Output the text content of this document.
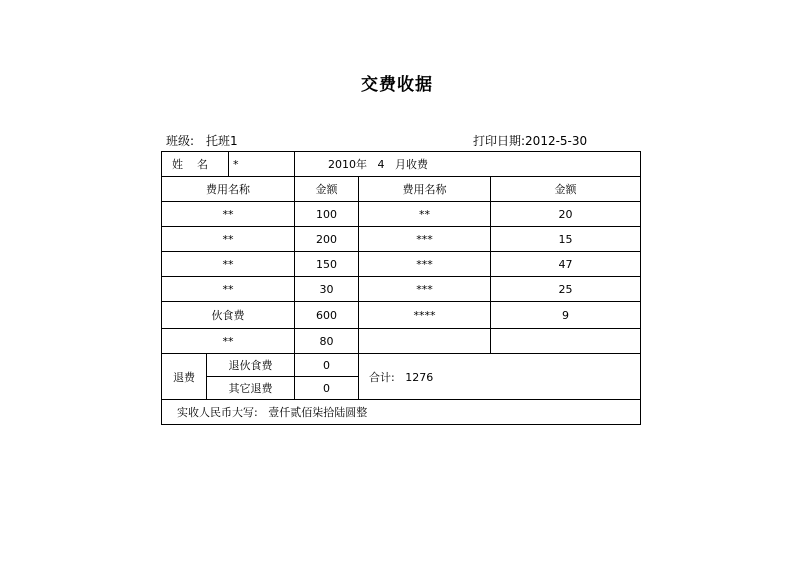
交费收据
班级: 托班1	打印日期:2012-5-30
姓 名		*	2010年 4 月收费		
费用名称			金额	费用名称	金额
**			100	**	20
**			200	***	15
**			150	***	47
**			30	***	25
伙食费			600	****	9
**			80		
退费	退伙食费		0	合计: 1276	
	其它退费		0		
实收人民币大写: 壹仟贰佰柒拾陆圆整					
